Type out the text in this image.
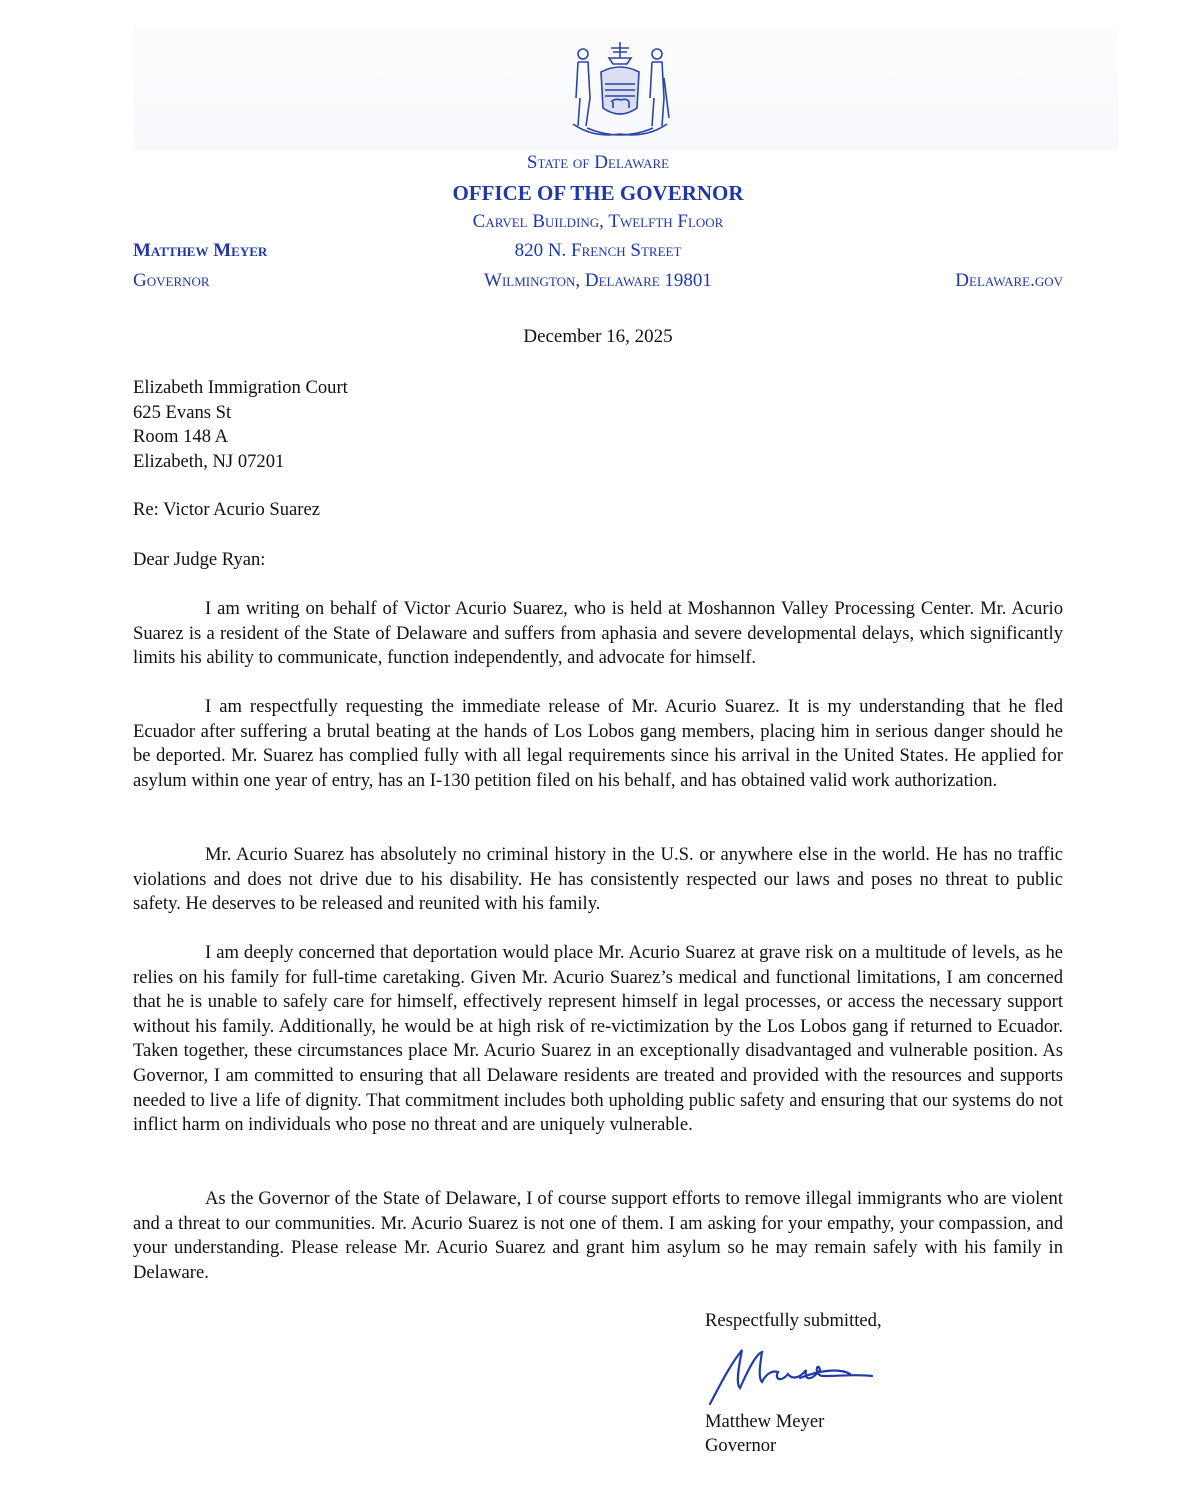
State of Delaware
OFFICE OF THE GOVERNOR
Carvel Building, Twelfth Floor
820 N. French Street
Wilmington, Delaware 19801
Matthew Meyer
Governor	Delaware.gov
December 16, 2025
Elizabeth Immigration Court
625 Evans St
Room 148 A
Elizabeth, NJ 07201
Re: Victor Acurio Suarez
Dear Judge Ryan:

I am writing on behalf of Victor Acurio Suarez, who is held at Moshannon Valley Processing Center. Mr. Acurio Suarez is a resident of the State of Delaware and suffers from aphasia and severe developmental delays, which significantly limits his ability to communicate, function independently, and advocate for himself.

I am respectfully requesting the immediate release of Mr. Acurio Suarez. It is my understanding that he fled Ecuador after suffering a brutal beating at the hands of Los Lobos gang members, placing him in serious danger should he be deported. Mr. Suarez has complied fully with all legal requirements since his arrival in the United States. He applied for asylum within one year of entry, has an I-130 petition filed on his behalf, and has obtained valid work authorization.

Mr. Acurio Suarez has absolutely no criminal history in the U.S. or anywhere else in the world. He has no traffic violations and does not drive due to his disability. He has consistently respected our laws and poses no threat to public safety. He deserves to be released and reunited with his family.

I am deeply concerned that deportation would place Mr. Acurio Suarez at grave risk on a multitude of levels, as he relies on his family for full-time caretaking. Given Mr. Acurio Suarez’s medical and functional limitations, I am concerned that he is unable to safely care for himself, effectively represent himself in legal processes, or access the necessary support without his family. Additionally, he would be at high risk of re-victimization by the Los Lobos gang if returned to Ecuador. Taken together, these circumstances place Mr. Acurio Suarez in an exceptionally disadvantaged and vulnerable position. As Governor, I am committed to ensuring that all Delaware residents are treated and provided with the resources and supports needed to live a life of dignity. That commitment includes both upholding public safety and ensuring that our systems do not inflict harm on individuals who pose no threat and are uniquely vulnerable.

As the Governor of the State of Delaware, I of course support efforts to remove illegal immigrants who are violent and a threat to our communities. Mr. Acurio Suarez is not one of them. I am asking for your empathy, your compassion, and your understanding. Please release Mr. Acurio Suarez and grant him asylum so he may remain safely with his family in Delaware.

Respectfully submitted,
Matthew Meyer
Governor
